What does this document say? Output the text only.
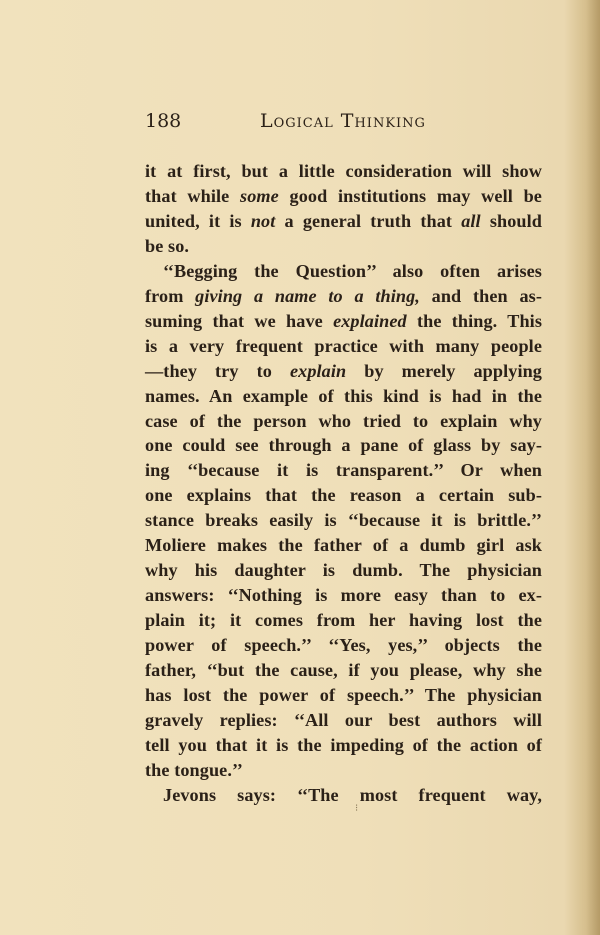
188	Logical Thinking
it at first, but a little consideration will show
that while some good institutions may well be
united, it is not a general truth that all should
be so.
‘‘Begging the Question’’ also often arises
from giving a name to a thing, and then as-
suming that we have explained the thing. This
is a very frequent practice with many people
—they try to explain by merely applying
names. An example of this kind is had in the
case of the person who tried to explain why
one could see through a pane of glass by say-
ing ‘‘because it is transparent.’’ Or when
one explains that the reason a certain sub-
stance breaks easily is ‘‘because it is brittle.’’
Moliere makes the father of a dumb girl ask
why his daughter is dumb. The physician
answers: ‘‘Nothing is more easy than to ex-
plain it; it comes from her having lost the
power of speech.’’ ‘‘Yes, yes,’’ objects the
father, ‘‘but the cause, if you please, why she
has lost the power of speech.’’ The physician
gravely replies: ‘‘All our best authors will
tell you that it is the impeding of the action of
the tongue.’’
Jevons says: ‘‘The most frequent way,
⁝
